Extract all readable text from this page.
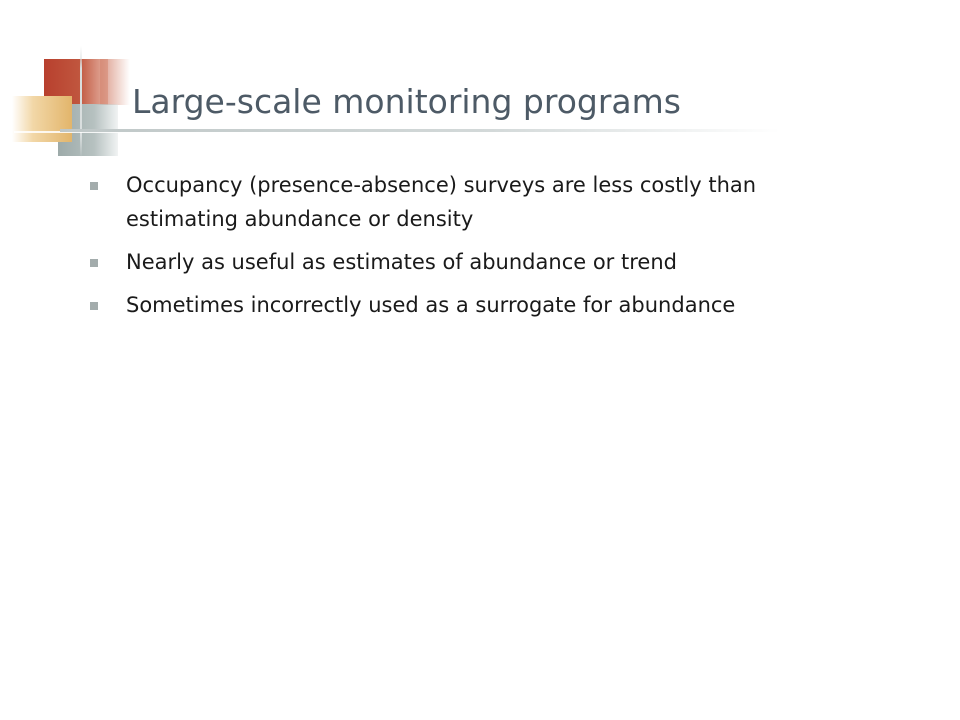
Large-scale monitoring programs
Occupancy (presence-absence) surveys are less costly than estimating abundance or density
Nearly as useful as estimates of abundance or trend
Sometimes incorrectly used as a surrogate for abundance
